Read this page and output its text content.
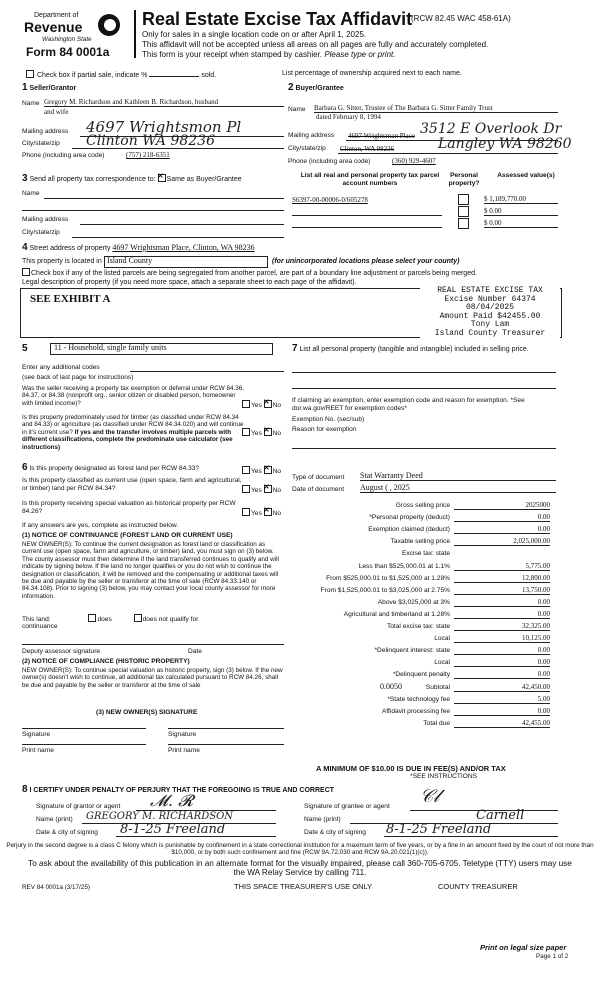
Department of
Revenue
Washington State
Form 84 0001a
Real Estate Excise Tax Affidavit
(RCW 82.45 WAC 458-61A)
Only for sales in a single location code on or after April 1, 2025.
This affidavit will not be accepted unless all areas on all pages are fully and accurately completed.
This form is your receipt when stamped by cashier. Please type or print.
Check box if partial sale, indicate %	sold.	List percentage of ownership acquired next to each name.
1 Seller/Grantor
Name Gregory M. Richardson and Kathleen B. Richardson, husband
and wife
Mailing address 4697 Wrightsmon Pl
City/state/zip Clinton WA 98236
Phone (including area code)	(757) 218-6351
2 Buyer/Grantee
Name Barbara G. Sitter, Trustee of The Barbara G. Sitter Family Trust
dated February 8, 1994
Mailing address 4697 Wrightsman Place 3512 E Overlook Dr
City/state/zip Clinton, WA 98236	Langley WA 98260
Phone (including area code)	(360) 929-4607
3 Send all property tax correspondence to: ✕ Same as Buyer/Grantee
Name
Mailing address
City/state/zip
List all real and personal property tax parcel account numbers
Personal property?
Assessed value(s)
S6397-00-00006-0/605278	$ 1,189,770.00
$ 0.00
$ 0.00
4 Street address of property 4697 Wrightsman Place, Clinton, WA 98236
This property is located in Island County	(for unincorporated locations please select your county)
Check box if any of the listed parcels are being segregated from another parcel, are part of a boundary line adjustment or parcels being merged.
Legal description of property (if you need more space, attach a separate sheet to each page of the affidavit).
SEE EXHIBIT A
REAL ESTATE EXCISE TAX
Excise Number 64374
08/04/2025
Amount Paid $42455.00
Tony Lam
Island County Treasurer
5	11 - Household, single family units
Enter any additional codes
(see back of last page for instructions)
Was the seller receiving a property tax exemption or deferral under RCW 84.36, 84.37, or 84.38 (nonprofit org., senior citizen or disabled person, homeowner with limited income)?	Yes ✕ No
Is this property predominately used for timber (as classified under RCW 84.34 and 84.33) or agriculture (as classified under RCW 84.34.020) and will continue in it's current use? If yes and the transfer involves multiple parcels with different classifications, complete the predominate use calculator (see instructions)
Yes ✕ No
7 List all personal property (tangible and intangible) included in selling price.
If claiming an exemption, enter exemption code and reason for exemption. *See dor.wa.gov/REET for exemption codes*
Exemption No. (sec/sub)
Reason for exemption
6 Is this property designated as forest land per RCW 84.33?	Yes ✕ No
Is this property classified as current use (open space, farm and agricultural, or timber) land per RCW 84.34?	Yes ✕ No
Is this property receiving special valuation as historical property per RCW 84.26?	Yes ✕ No
If any answers are yes, complete as instructed below.
(1) NOTICE OF CONTINUANCE (FOREST LAND OR CURRENT USE)
NEW OWNER(S): To continue the current designation as forest land or classification as current use (open space, farm and agriculture, or timber) land, you must sign on (3) below. The county assessor must then determine if the land transferred continues to qualify and will indicate by signing below. If the land no longer qualifies or you do not wish to continue the designation or classification, it will be removed and the compensating or additional taxes will be due and payable by the seller or transferor at the time of sale (RCW 84.33.140 or 84.34.108). Prior to signing (3) below, you may contact your local county assessor for more information.
This land:	does	does not qualify for
continuance
Deputy assessor signature	Date
(2) NOTICE OF COMPLIANCE (HISTORIC PROPERTY)
NEW OWNER(S): To continue special valuation as historic property, sign (3) below. If the new owner(s) doesn't wish to continue, all additional tax calculated pursuant to RCW 84.26, shall be due and payable by the seller or transferor at the time of sale
(3) NEW OWNER(S) SIGNATURE
Signature	Signature
Print name	Print name
Type of document Stat Warranty Deed
Date of document August ( , 2025
Gross selling price	2025000
*Personal property (deduct)	0.00
Exemption claimed (deduct)	0.00
Taxable selling price	2,025,000.00
Excise tax: state
Less than $525,000.01 at 1.1%	5,775.00
From $525,000.01 to $1,525,000 at 1.28%	12,800.00
From $1,525,000.01 to $3,025,000 at 2.75%	13,750.00
Above $3,025,000 at 3%	0.00
Agricultural and timberland at 1.28%	0.00
Total excise tax: state	32,325.00
Local	10,125.00
*Delinquent interest: state	0.00
Local	0.00
*Delinquent penalty	0.00
Subtotal	42,450.00
*State technology fee	5.00
Affidavit processing fee	0.00
Total due	42,455.00
0.0050
A MINIMUM OF $10.00 IS DUE IN FEE(S) AND/OR TAX
*SEE INSTRUCTIONS
8 I CERTIFY UNDER PENALTY OF PERJURY THAT THE FOREGOING IS TRUE AND CORRECT
Signature of grantor or agent 𝓜. 𝓡
Name (print) GREGORY M. RICHARDSON
Date & city of signing 8-1-25 Freeland
Signature of grantee or agent 𝒞𝓁
Name (print)	Carnell
Date & city of signing 8-1-25 Freeland
Perjury in the second degree is a class C felony which is punishable by confinement in a state correctional institution for a maximum term of five years, or by a fine in an amount fixed by the court of not more than $10,000, or by both such confinement and fine (RCW 9A.72.030 and RCW 9A.20.021(1)(c)).
To ask about the availability of this publication in an alternate format for the visually impaired, please call 360-705-6705. Teletype (TTY) users may use the WA Relay Service by calling 711.
REV 84 0001a (3/17/25)	THIS SPACE TREASURER'S USE ONLY	COUNTY TREASURER
Print on legal size paper
Page 1 of 2
